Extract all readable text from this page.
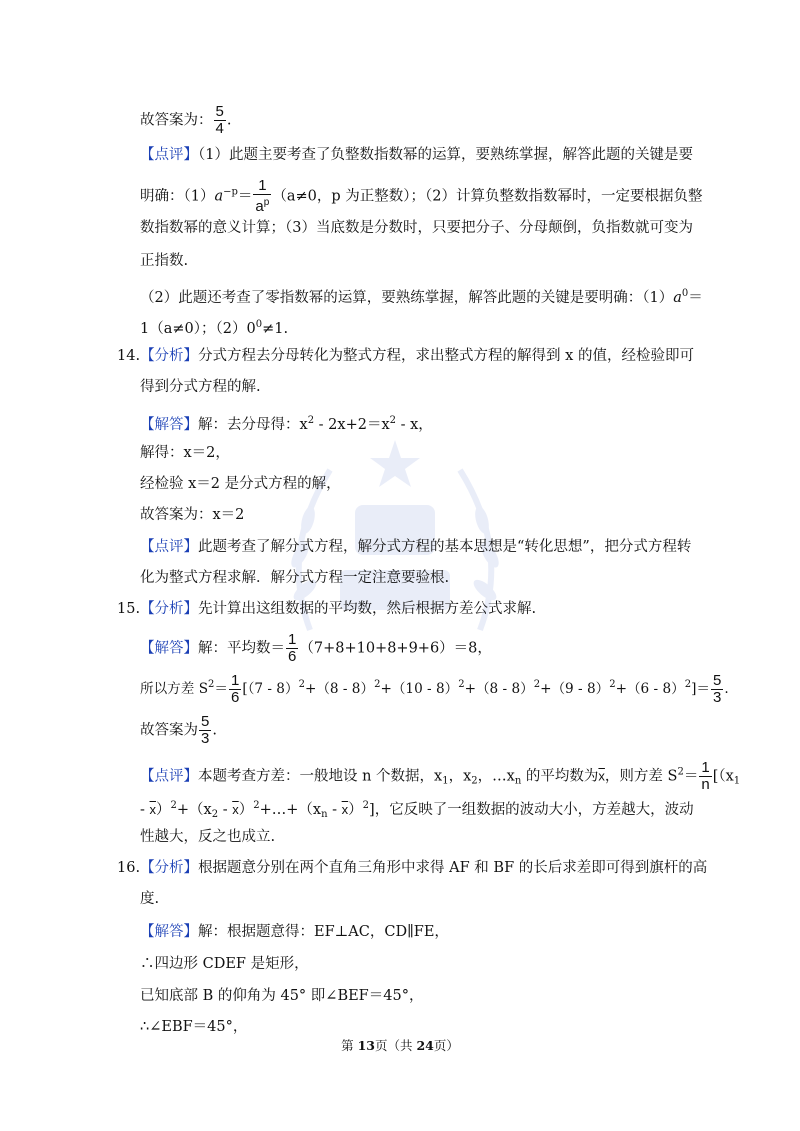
故答案为： $\frac{5}{4}$ .
【点评】（1）此题主要考查了负整数指数幂的运算，要熟练掌握，解答此题的关键是要
明确：$(1)a^{-p}= \frac{1}{a^p} (a\ne 0$，p 为正整数）；（2）计算负整数指数幂时，一定要根据负整
数指数幂的意义计算；（3）当底数是分数时，只要把分子、分母颠倒，负指数就可变为
正指数.
（2）此题还考查了零指数幂的运算，要熟练掌握，解答此题的关键是要明确：$(1)a^0=$
1（a≠0）；$(2)0^0\ne 1$.
14.【分析】分式方程去分母转化为整式方程，求出整式方程的解得到 x 的值，经检验即可
得到分式方程的解.
【解答】解：去分母得：$x^2 - 2x+2=x^2 - x$，
解得：x＝2，
经检验 x＝2 是分式方程的解，
故答案为：x＝2
【点评】此题考查了解分式方程，解分式方程的基本思想是“转化思想”，把分式方程转
化为整式方程求解．解分式方程一定注意要验根.
15.【分析】先计算出这组数据的平均数，然后根据方差公式求解.
【解答】解：平均数＝ $\frac{1}{6} (7+8+10+8+9+6)=8$，
所以方差 $S^2= \frac{1}{6} [(7 - 8)^2+(8 - 8)^2+(10 - 8)^2+(8 - 8)^2+(9 - 8)^2+(6 - 8)^2]= \frac{5}{3}$ .
故答案为 $\frac{5}{3}$ .
【点评】本题考查方差：一般地设 n 个数据，$x_1$，$x_2$，$\dots x_n$ 的平均数为$\overline{x}$，则方差 $S^2= \frac{1}{n} [(x_1$
- $\overline{x})^2+(x_2$ - $\overline{x})^2+\dots+(x_n - \overline{x})^2$]，它反映了一组数据的波动大小，方差越大，波动
性越大，反之也成立.
16.【分析】根据题意分别在两个直角三角形中求得 AF 和 BF 的长后求差即可得到旗杆的高
度.
【解答】解：根据题意得：EF⊥AC，CD∥FE，
∴四边形 CDEF 是矩形，
已知底部 B 的仰角为 45° 即∠BEF＝45°，
∴∠EBF＝45°，
第 13页（共 24页）
